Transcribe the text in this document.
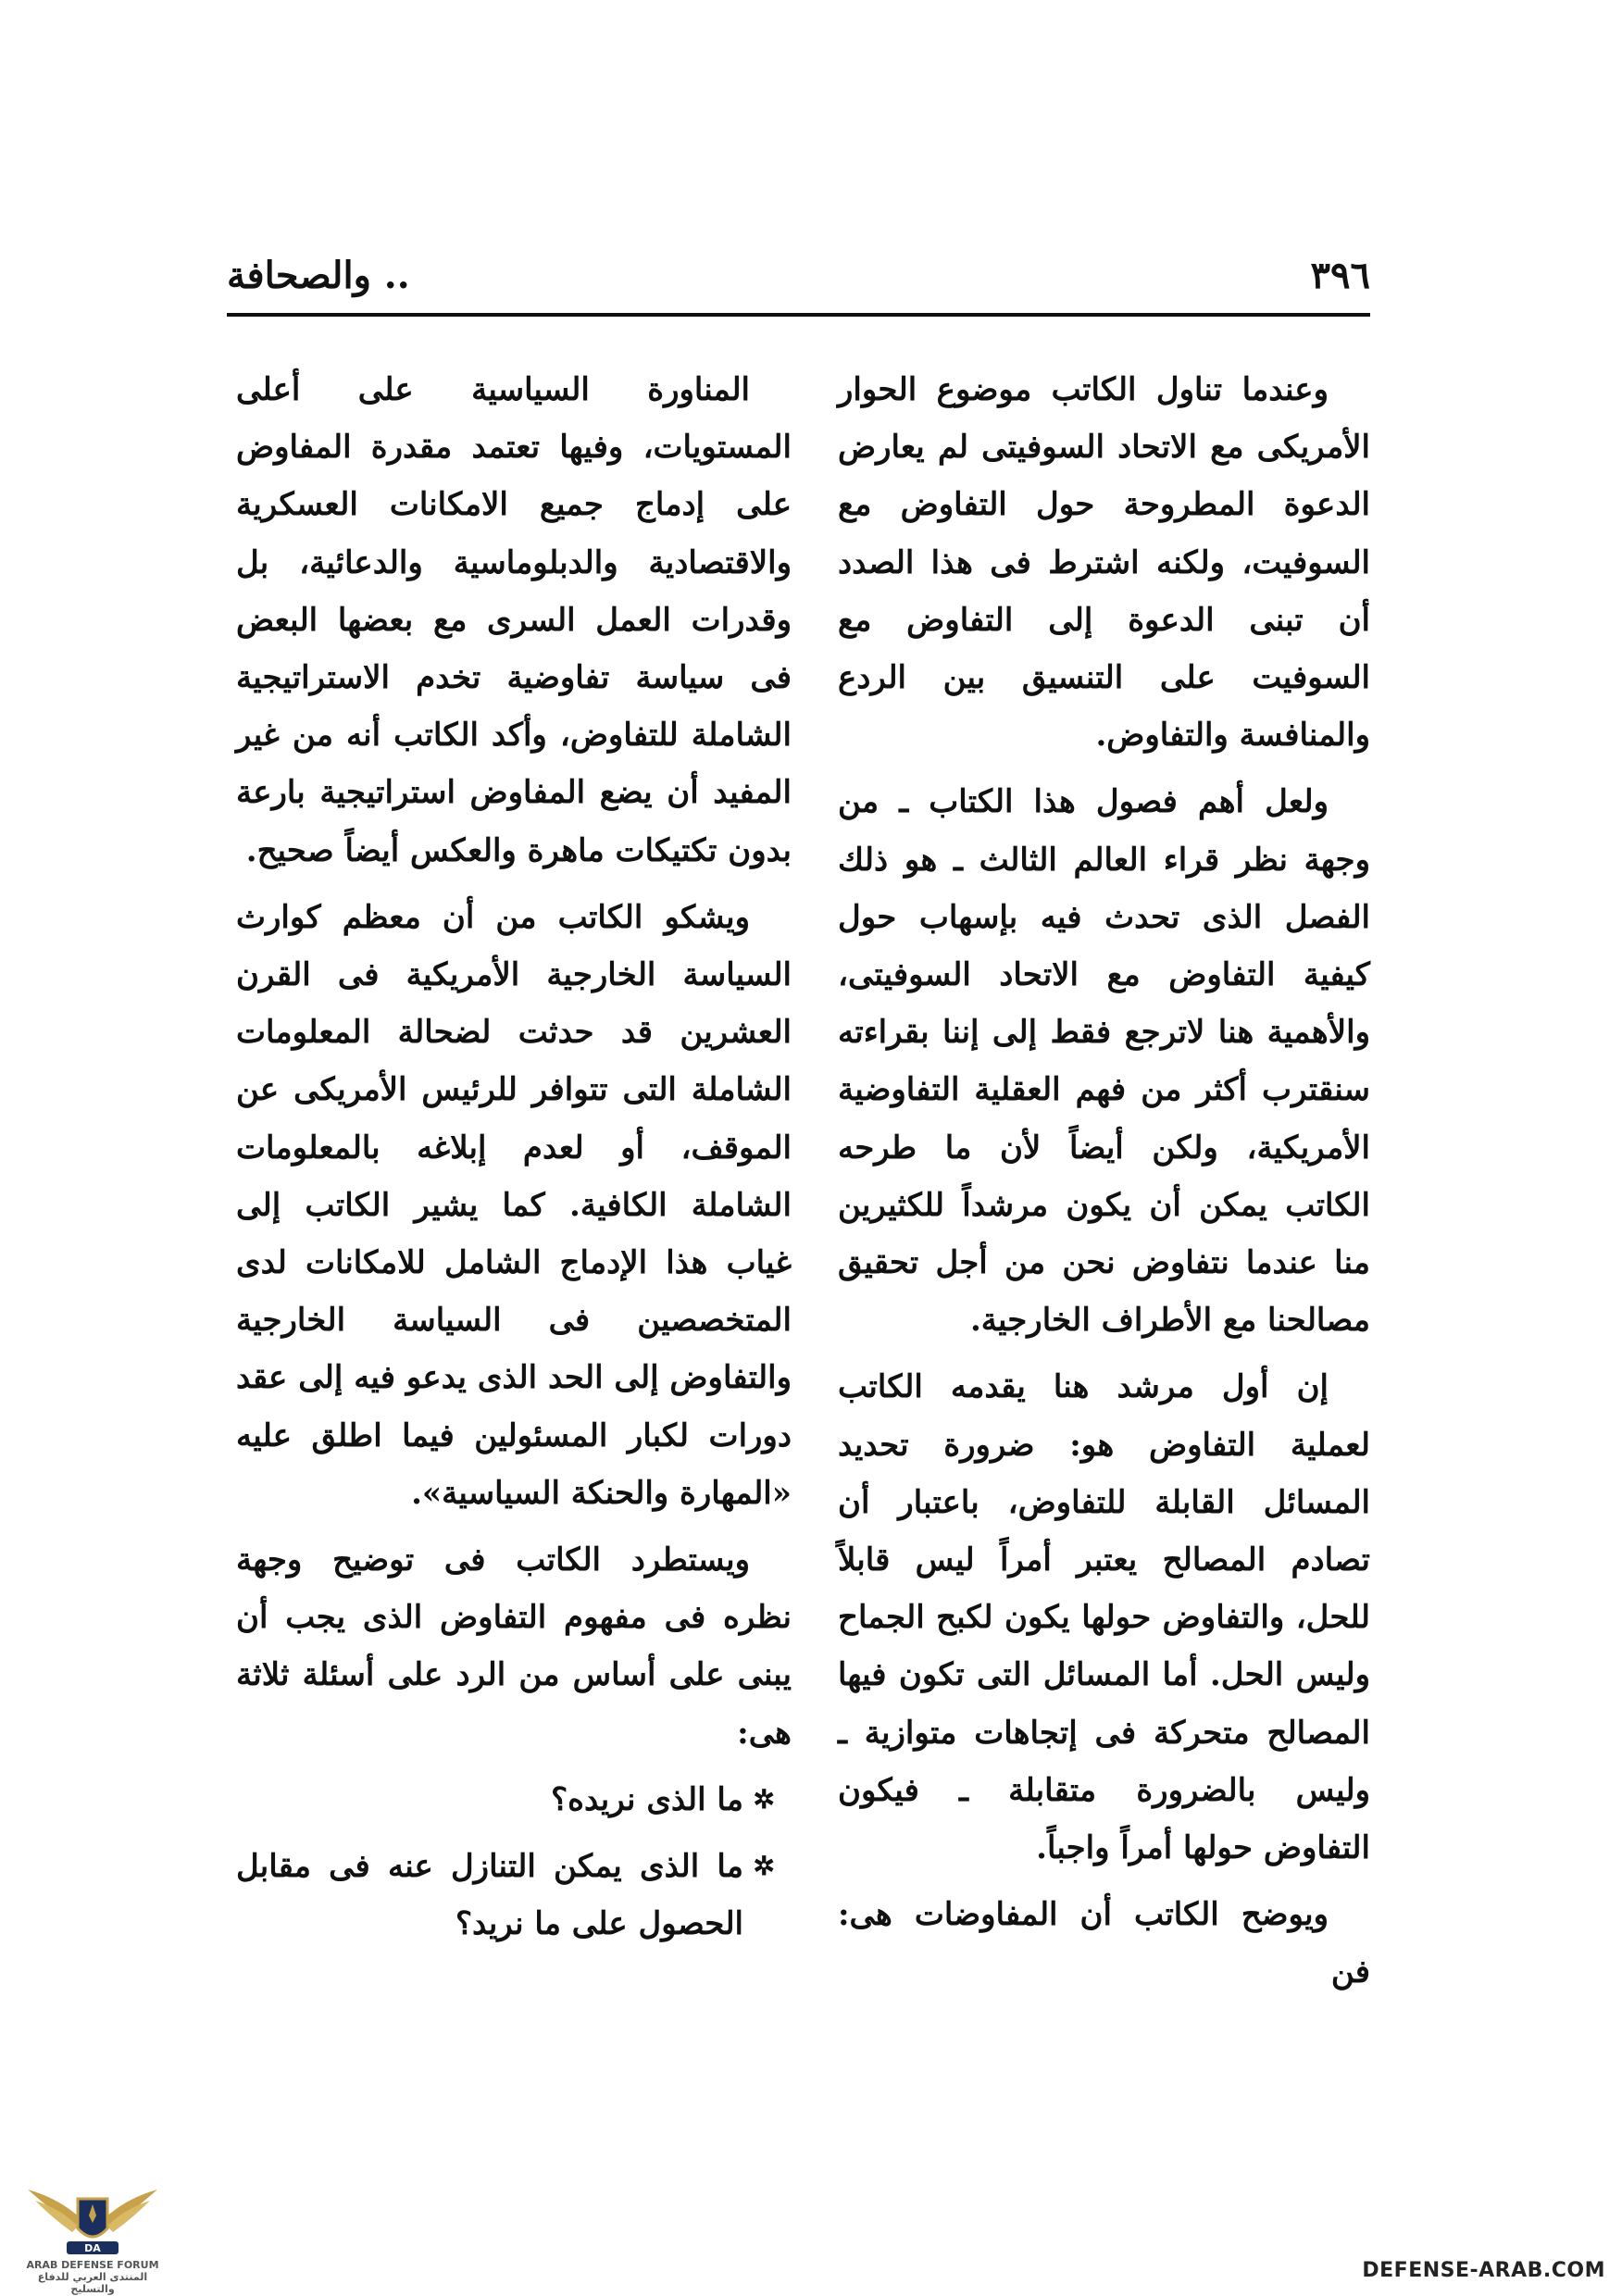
٣٩٦
.. والصحافة

وعندما تناول الكاتب موضوع الحوار الأمريكى مع الاتحاد السوفيتى لم يعارض الدعوة المطروحة حول التفاوض مع السوفيت، ولكنه اشترط فى هذا الصدد أن تبنى الدعوة إلى التفاوض مع السوفيت على التنسيق بين الردع والمنافسة والتفاوض.

ولعل أهم فصول هذا الكتاب ـ من وجهة نظر قراء العالم الثالث ـ هو ذلك الفصل الذى تحدث فيه بإسهاب حول كيفية التفاوض مع الاتحاد السوفيتى، والأهمية هنا لاترجع فقط إلى إننا بقراءته سنقترب أكثر من فهم العقلية التفاوضية الأمريكية، ولكن أيضاً لأن ما طرحه الكاتب يمكن أن يكون مرشداً للكثيرين منا عندما نتفاوض نحن من أجل تحقيق مصالحنا مع الأطراف الخارجية.

إن أول مرشد هنا يقدمه الكاتب لعملية التفاوض هو: ضرورة تحديد المسائل القابلة للتفاوض، باعتبار أن تصادم المصالح يعتبر أمراً ليس قابلاً للحل، والتفاوض حولها يكون لكبح الجماح وليس الحل. أما المسائل التى تكون فيها المصالح متحركة فى إتجاهات متوازية ـ وليس بالضرورة متقابلة ـ فيكون التفاوض حولها أمراً واجباً.

ويوضح الكاتب أن المفاوضات هى: فن

المناورة السياسية على أعلى المستويات، وفيها تعتمد مقدرة المفاوض على إدماج جميع الامكانات العسكرية والاقتصادية والدبلوماسية والدعائية، بل وقدرات العمل السرى مع بعضها البعض فى سياسة تفاوضية تخدم الاستراتيجية الشاملة للتفاوض، وأكد الكاتب أنه من غير المفيد أن يضع المفاوض استراتيجية بارعة بدون تكتيكات ماهرة والعكس أيضاً صحيح.

ويشكو الكاتب من أن معظم كوارث السياسة الخارجية الأمريكية فى القرن العشرين قد حدثت لضحالة المعلومات الشاملة التى تتوافر للرئيس الأمريكى عن الموقف، أو لعدم إبلاغه بالمعلومات الشاملة الكافية. كما يشير الكاتب إلى غياب هذا الإدماج الشامل للامكانات لدى المتخصصين فى السياسة الخارجية والتفاوض إلى الحد الذى يدعو فيه إلى عقد دورات لكبار المسئولين فيما اطلق عليه «المهارة والحنكة السياسية».

ويستطرد الكاتب فى توضيح وجهة نظره فى مفهوم التفاوض الذى يجب أن يبنى على أساس من الرد على أسئلة ثلاثة هى:

✲
ما الذى نريده؟
✲
ما الذى يمكن التنازل عنه فى مقابل الحصول على ما نريد؟
DA
ARAB DEFENSE FORUM
المنتدى العربي للدفاع والتسليح
DEFENSE-ARAB.COM
